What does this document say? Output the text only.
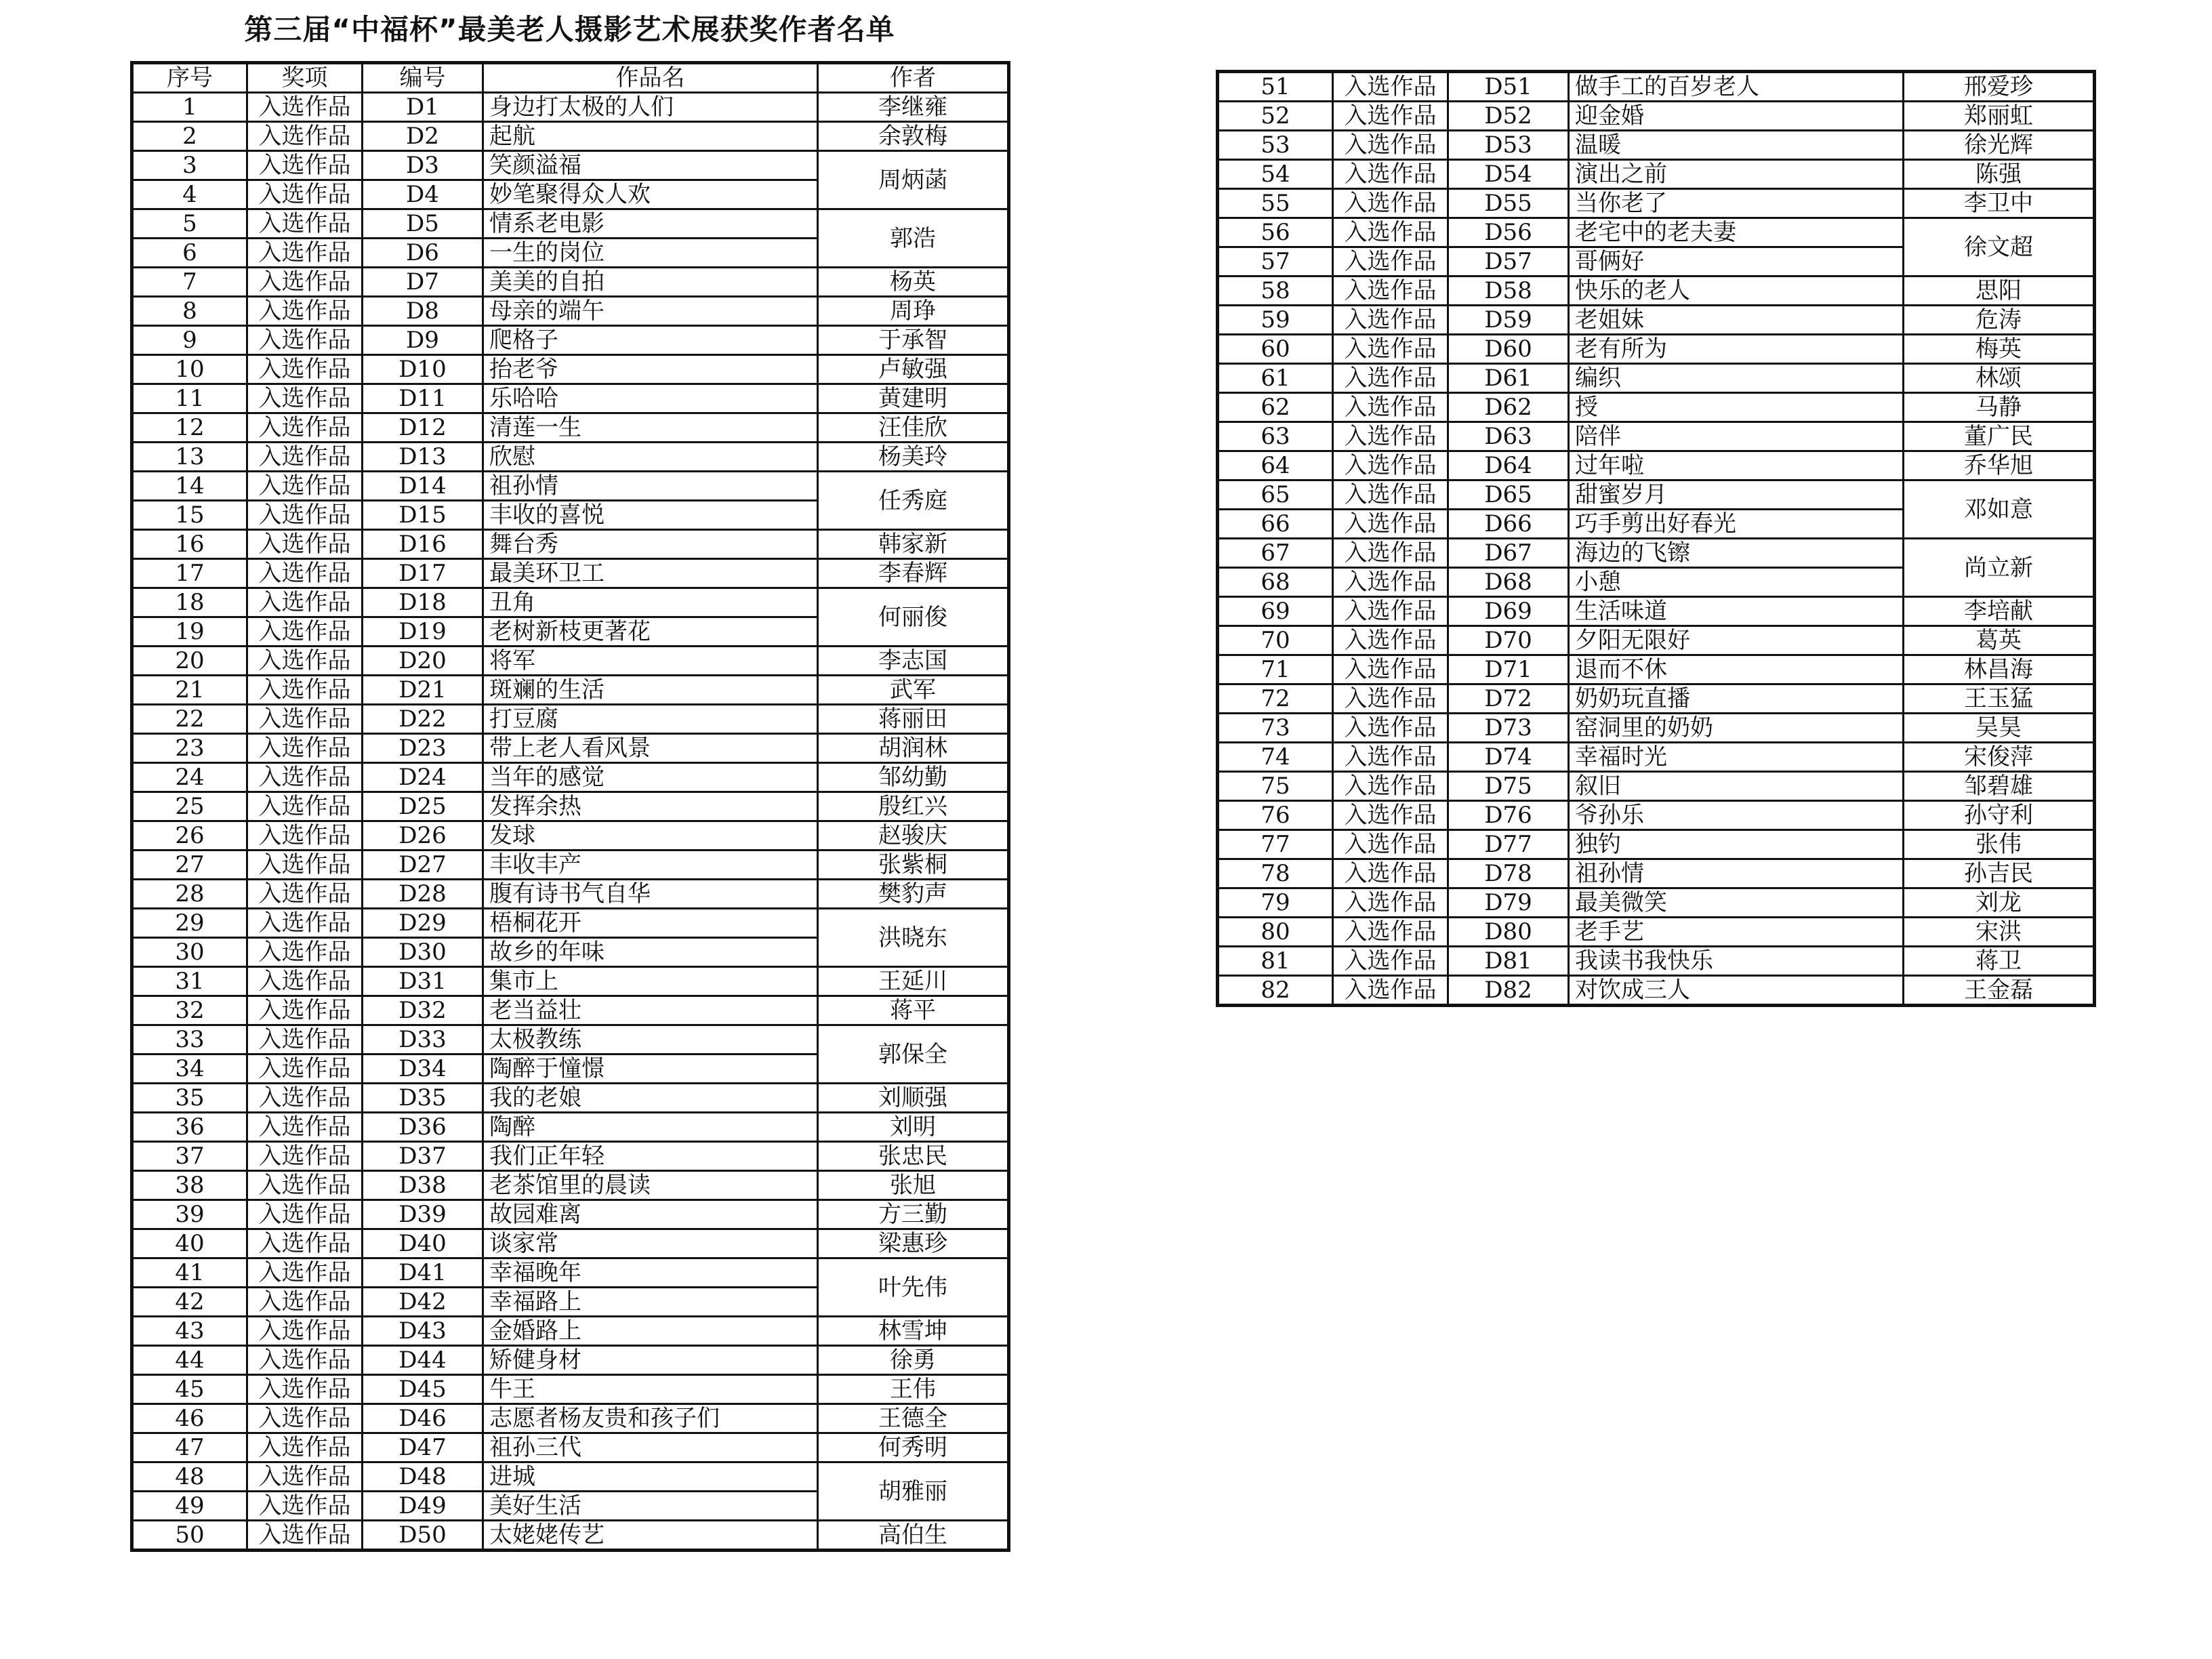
第三届“中福杯”最美老人摄影艺术展获奖作者名单
序号	奖项	编号	作品名	作者
1	入选作品	D1	身边打太极的人们	李继雍
2	入选作品	D2	起航	余敦梅
3	入选作品	D3	笑颜溢福	周炳菡
4	入选作品	D4	妙笔聚得众人欢	
5	入选作品	D5	情系老电影	郭浩
6	入选作品	D6	一生的岗位	
7	入选作品	D7	美美的自拍	杨英
8	入选作品	D8	母亲的端午	周琤
9	入选作品	D9	爬格子	于承智
10	入选作品	D10	抬老爷	卢敏强
11	入选作品	D11	乐哈哈	黄建明
12	入选作品	D12	清莲一生	汪佳欣
13	入选作品	D13	欣慰	杨美玲
14	入选作品	D14	祖孙情	任秀庭
15	入选作品	D15	丰收的喜悦	
16	入选作品	D16	舞台秀	韩家新
17	入选作品	D17	最美环卫工	李春辉
18	入选作品	D18	丑角	何丽俊
19	入选作品	D19	老树新枝更著花	
20	入选作品	D20	将军	李志国
21	入选作品	D21	斑斓的生活	武军
22	入选作品	D22	打豆腐	蒋丽田
23	入选作品	D23	带上老人看风景	胡润林
24	入选作品	D24	当年的感觉	邹幼勤
25	入选作品	D25	发挥余热	殷红兴
26	入选作品	D26	发球	赵骏庆
27	入选作品	D27	丰收丰产	张紫桐
28	入选作品	D28	腹有诗书气自华	樊豹声
29	入选作品	D29	梧桐花开	洪晓东
30	入选作品	D30	故乡的年味	
31	入选作品	D31	集市上	王延川
32	入选作品	D32	老当益壮	蒋平
33	入选作品	D33	太极教练	郭保全
34	入选作品	D34	陶醉于憧憬	
35	入选作品	D35	我的老娘	刘顺强
36	入选作品	D36	陶醉	刘明
37	入选作品	D37	我们正年轻	张忠民
38	入选作品	D38	老茶馆里的晨读	张旭
39	入选作品	D39	故园难离	方三勤
40	入选作品	D40	谈家常	梁惠珍
41	入选作品	D41	幸福晚年	叶先伟
42	入选作品	D42	幸福路上	
43	入选作品	D43	金婚路上	林雪坤
44	入选作品	D44	矫健身材	徐勇
45	入选作品	D45	牛王	王伟
46	入选作品	D46	志愿者杨友贵和孩子们	王德全
47	入选作品	D47	祖孙三代	何秀明
48	入选作品	D48	进城	胡雅丽
49	入选作品	D49	美好生活	
50	入选作品	D50	太姥姥传艺	高伯生
51	入选作品	D51	做手工的百岁老人	邢爱珍
52	入选作品	D52	迎金婚	郑丽虹
53	入选作品	D53	温暖	徐光辉
54	入选作品	D54	演出之前	陈强
55	入选作品	D55	当你老了	李卫中
56	入选作品	D56	老宅中的老夫妻	徐文超
57	入选作品	D57	哥俩好	
58	入选作品	D58	快乐的老人	思阳
59	入选作品	D59	老姐妹	危涛
60	入选作品	D60	老有所为	梅英
61	入选作品	D61	编织	林颂
62	入选作品	D62	授	马静
63	入选作品	D63	陪伴	董广民
64	入选作品	D64	过年啦	乔华旭
65	入选作品	D65	甜蜜岁月	邓如意
66	入选作品	D66	巧手剪出好春光	
67	入选作品	D67	海边的飞镲	尚立新
68	入选作品	D68	小憩	
69	入选作品	D69	生活味道	李培献
70	入选作品	D70	夕阳无限好	葛英
71	入选作品	D71	退而不休	林昌海
72	入选作品	D72	奶奶玩直播	王玉猛
73	入选作品	D73	窑洞里的奶奶	吴昊
74	入选作品	D74	幸福时光	宋俊萍
75	入选作品	D75	叙旧	邹碧雄
76	入选作品	D76	爷孙乐	孙守利
77	入选作品	D77	独钓	张伟
78	入选作品	D78	祖孙情	孙吉民
79	入选作品	D79	最美微笑	刘龙
80	入选作品	D80	老手艺	宋洪
81	入选作品	D81	我读书我快乐	蒋卫
82	入选作品	D82	对饮成三人	王金磊
